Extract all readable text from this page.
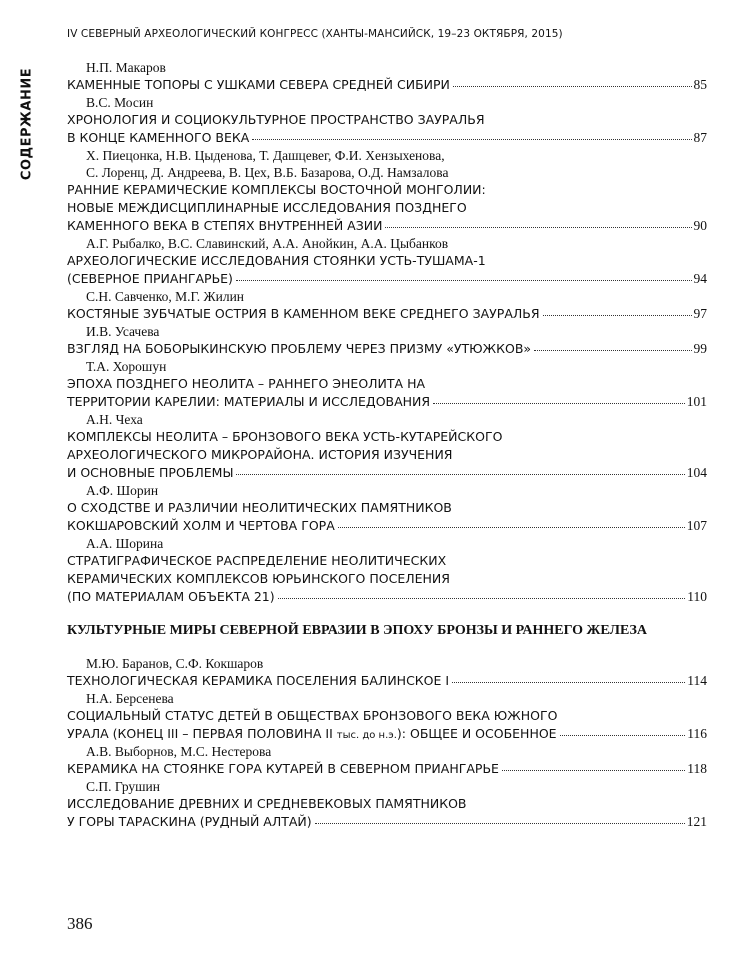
IV СЕВЕРНЫЙ АРХЕОЛОГИЧЕСКИЙ КОНГРЕСС (ХАНТЫ-МАНСИЙСК, 19–23 ОКТЯБРЯ, 2015)
СОДЕРЖАНИЕ
Н.П. Макаров
КАМЕННЫЕ ТОПОРЫ С УШКАМИ СЕВЕРА СРЕДНЕЙ СИБИРИ	85
В.С. Мосин
ХРОНОЛОГИЯ И СОЦИОКУЛЬТУРНОЕ ПРОСТРАНСТВО ЗАУРАЛЬЯ
В КОНЦЕ КАМЕННОГО ВЕКА	87
Х. Пиецонка, Н.В. Цыденова, Т. Дашцевег, Ф.И. Хензыхенова,
С. Лоренц, Д. Андреева, В. Цех, В.Б. Базарова, О.Д. Намзалова
РАННИЕ КЕРАМИЧЕСКИЕ КОМПЛЕКСЫ ВОСТОЧНОЙ МОНГОЛИИ:
НОВЫЕ МЕЖДИСЦИПЛИНАРНЫЕ ИССЛЕДОВАНИЯ ПОЗДНЕГО
КАМЕННОГО ВЕКА В СТЕПЯХ ВНУТРЕННЕЙ АЗИИ	90
А.Г. Рыбалко, В.С. Славинский, А.А. Анойкин, А.А. Цыбанков
АРХЕОЛОГИЧЕСКИЕ ИССЛЕДОВАНИЯ СТОЯНКИ УСТЬ-ТУШАМА-1
(СЕВЕРНОЕ ПРИАНГАРЬЕ)	94
С.Н. Савченко, М.Г. Жилин
КОСТЯНЫЕ ЗУБЧАТЫЕ ОСТРИЯ В КАМЕННОМ ВЕКЕ СРЕДНЕГО ЗАУРАЛЬЯ	97
И.В. Усачева
ВЗГЛЯД НА БОБОРЫКИНСКУЮ ПРОБЛЕМУ ЧЕРЕЗ ПРИЗМУ «УТЮЖКОВ»	99
Т.А. Хорошун
ЭПОХА ПОЗДНЕГО НЕОЛИТА – РАННЕГО ЭНЕОЛИТА НА
ТЕРРИТОРИИ КАРЕЛИИ: МАТЕРИАЛЫ И ИССЛЕДОВАНИЯ	101
А.Н. Чеха
КОМПЛЕКСЫ НЕОЛИТА – БРОНЗОВОГО ВЕКА УСТЬ-КУТАРЕЙСКОГО
АРХЕОЛОГИЧЕСКОГО МИКРОРАЙОНА. ИСТОРИЯ ИЗУЧЕНИЯ
И ОСНОВНЫЕ ПРОБЛЕМЫ	104
А.Ф. Шорин
О СХОДСТВЕ И РАЗЛИЧИИ НЕОЛИТИЧЕСКИХ ПАМЯТНИКОВ
КОКШАРОВСКИЙ ХОЛМ И ЧЕРТОВА ГОРА	107
А.А. Шорина
СТРАТИГРАФИЧЕСКОЕ РАСПРЕДЕЛЕНИЕ НЕОЛИТИЧЕСКИХ
КЕРАМИЧЕСКИХ КОМПЛЕКСОВ ЮРЬИНСКОГО ПОСЕЛЕНИЯ
(ПО МАТЕРИАЛАМ ОБЪЕКТА 21)	110
КУЛЬТУРНЫЕ МИРЫ СЕВЕРНОЙ ЕВРАЗИИ В ЭПОХУ БРОНЗЫ И РАННЕГО ЖЕЛЕЗА
М.Ю. Баранов, С.Ф. Кокшаров
ТЕХНОЛОГИЧЕСКАЯ КЕРАМИКА ПОСЕЛЕНИЯ БАЛИНСКОЕ I	114
Н.А. Берсенева
СОЦИАЛЬНЫЙ СТАТУС ДЕТЕЙ В ОБЩЕСТВАХ БРОНЗОВОГО ВЕКА ЮЖНОГО
УРАЛА (КОНЕЦ III – ПЕРВАЯ ПОЛОВИНА II тыс. до н.э.): ОБЩЕЕ И ОСОБЕННОЕ	116
А.В. Выборнов, М.С. Нестерова
КЕРАМИКА НА СТОЯНКЕ ГОРА КУТАРЕЙ В СЕВЕРНОМ ПРИАНГАРЬЕ	118
С.П. Грушин
ИССЛЕДОВАНИЕ ДРЕВНИХ И СРЕДНЕВЕКОВЫХ ПАМЯТНИКОВ
У ГОРЫ ТАРАСКИНА (РУДНЫЙ АЛТАЙ)	121
386
